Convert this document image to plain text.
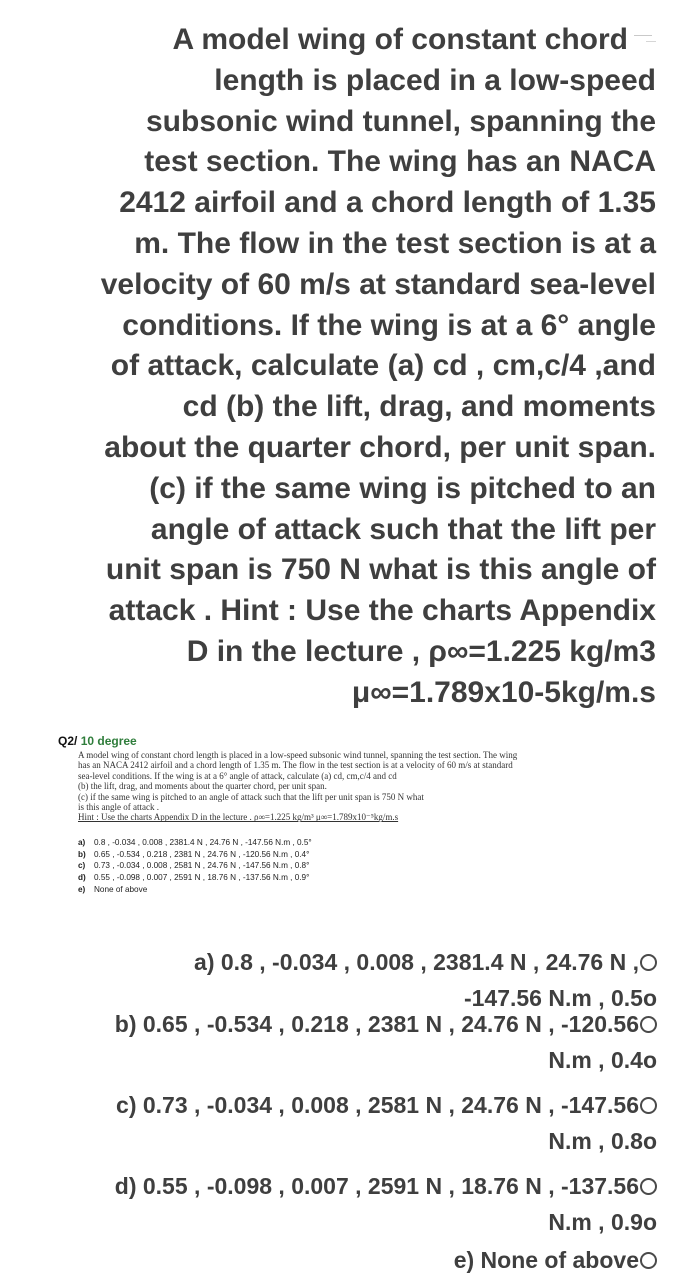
A model wing of constant chord
length is placed in a low-speed
subsonic wind tunnel, spanning the
test section. The wing has an NACA
2412 airfoil and a chord length of 1.35
m. The flow in the test section is at a
velocity of 60 m/s at standard sea-level
conditions. If the wing is at a 6° angle
of attack, calculate (a) cd , cm,c/4 ,and
cd (b) the lift, drag, and moments
about the quarter chord, per unit span.
(c) if the same wing is pitched to an
angle of attack such that the lift per
unit span is 750 N what is this angle of
attack . Hint : Use the charts Appendix
D in the lecture , ρ∞=1.225 kg/m3
μ∞=1.789x10-5kg/m.s
Q2/ 10 degree
A model wing of constant chord length is placed in a low-speed subsonic wind tunnel, spanning the test section. The wing
has an NACA 2412 airfoil and a chord length of 1.35 m. The flow in the test section is at a velocity of 60 m/s at standard
sea-level conditions. If the wing is at a 6° angle of attack, calculate (a) cd, cm,c/4 and cd
(b) the lift, drag, and moments about the quarter chord, per unit span.
(c) if the same wing is pitched to an angle of attack such that the lift per unit span is 750 N what
is this angle of attack .
Hint : Use the charts Appendix D in the lecture . ρ∞=1.225 kg/m³ μ∞=1.789x10⁻⁵kg/m.s
a) 0.8 , -0.034 , 0.008 , 2381.4 N , 24.76 N , -147.56 N.m , 0.5°
b) 0.65 , -0.534 , 0.218 , 2381 N , 24.76 N , -120.56 N.m , 0.4°
c) 0.73 , -0.034 , 0.008 , 2581 N , 24.76 N , -147.56 N.m , 0.8°
d) 0.55 , -0.098 , 0.007 , 2591 N , 18.76 N , -137.56 N.m , 0.9°
e) None of above
a) 0.8 , -0.034 , 0.008 , 2381.4 N , 24.76 N ,
-147.56 N.m , 0.5o
b) 0.65 , -0.534 , 0.218 , 2381 N , 24.76 N , -120.56
N.m , 0.4o
c) 0.73 , -0.034 , 0.008 , 2581 N , 24.76 N , -147.56
N.m , 0.8o
d) 0.55 , -0.098 , 0.007 , 2591 N , 18.76 N , -137.56
N.m , 0.9o
e) None of above
